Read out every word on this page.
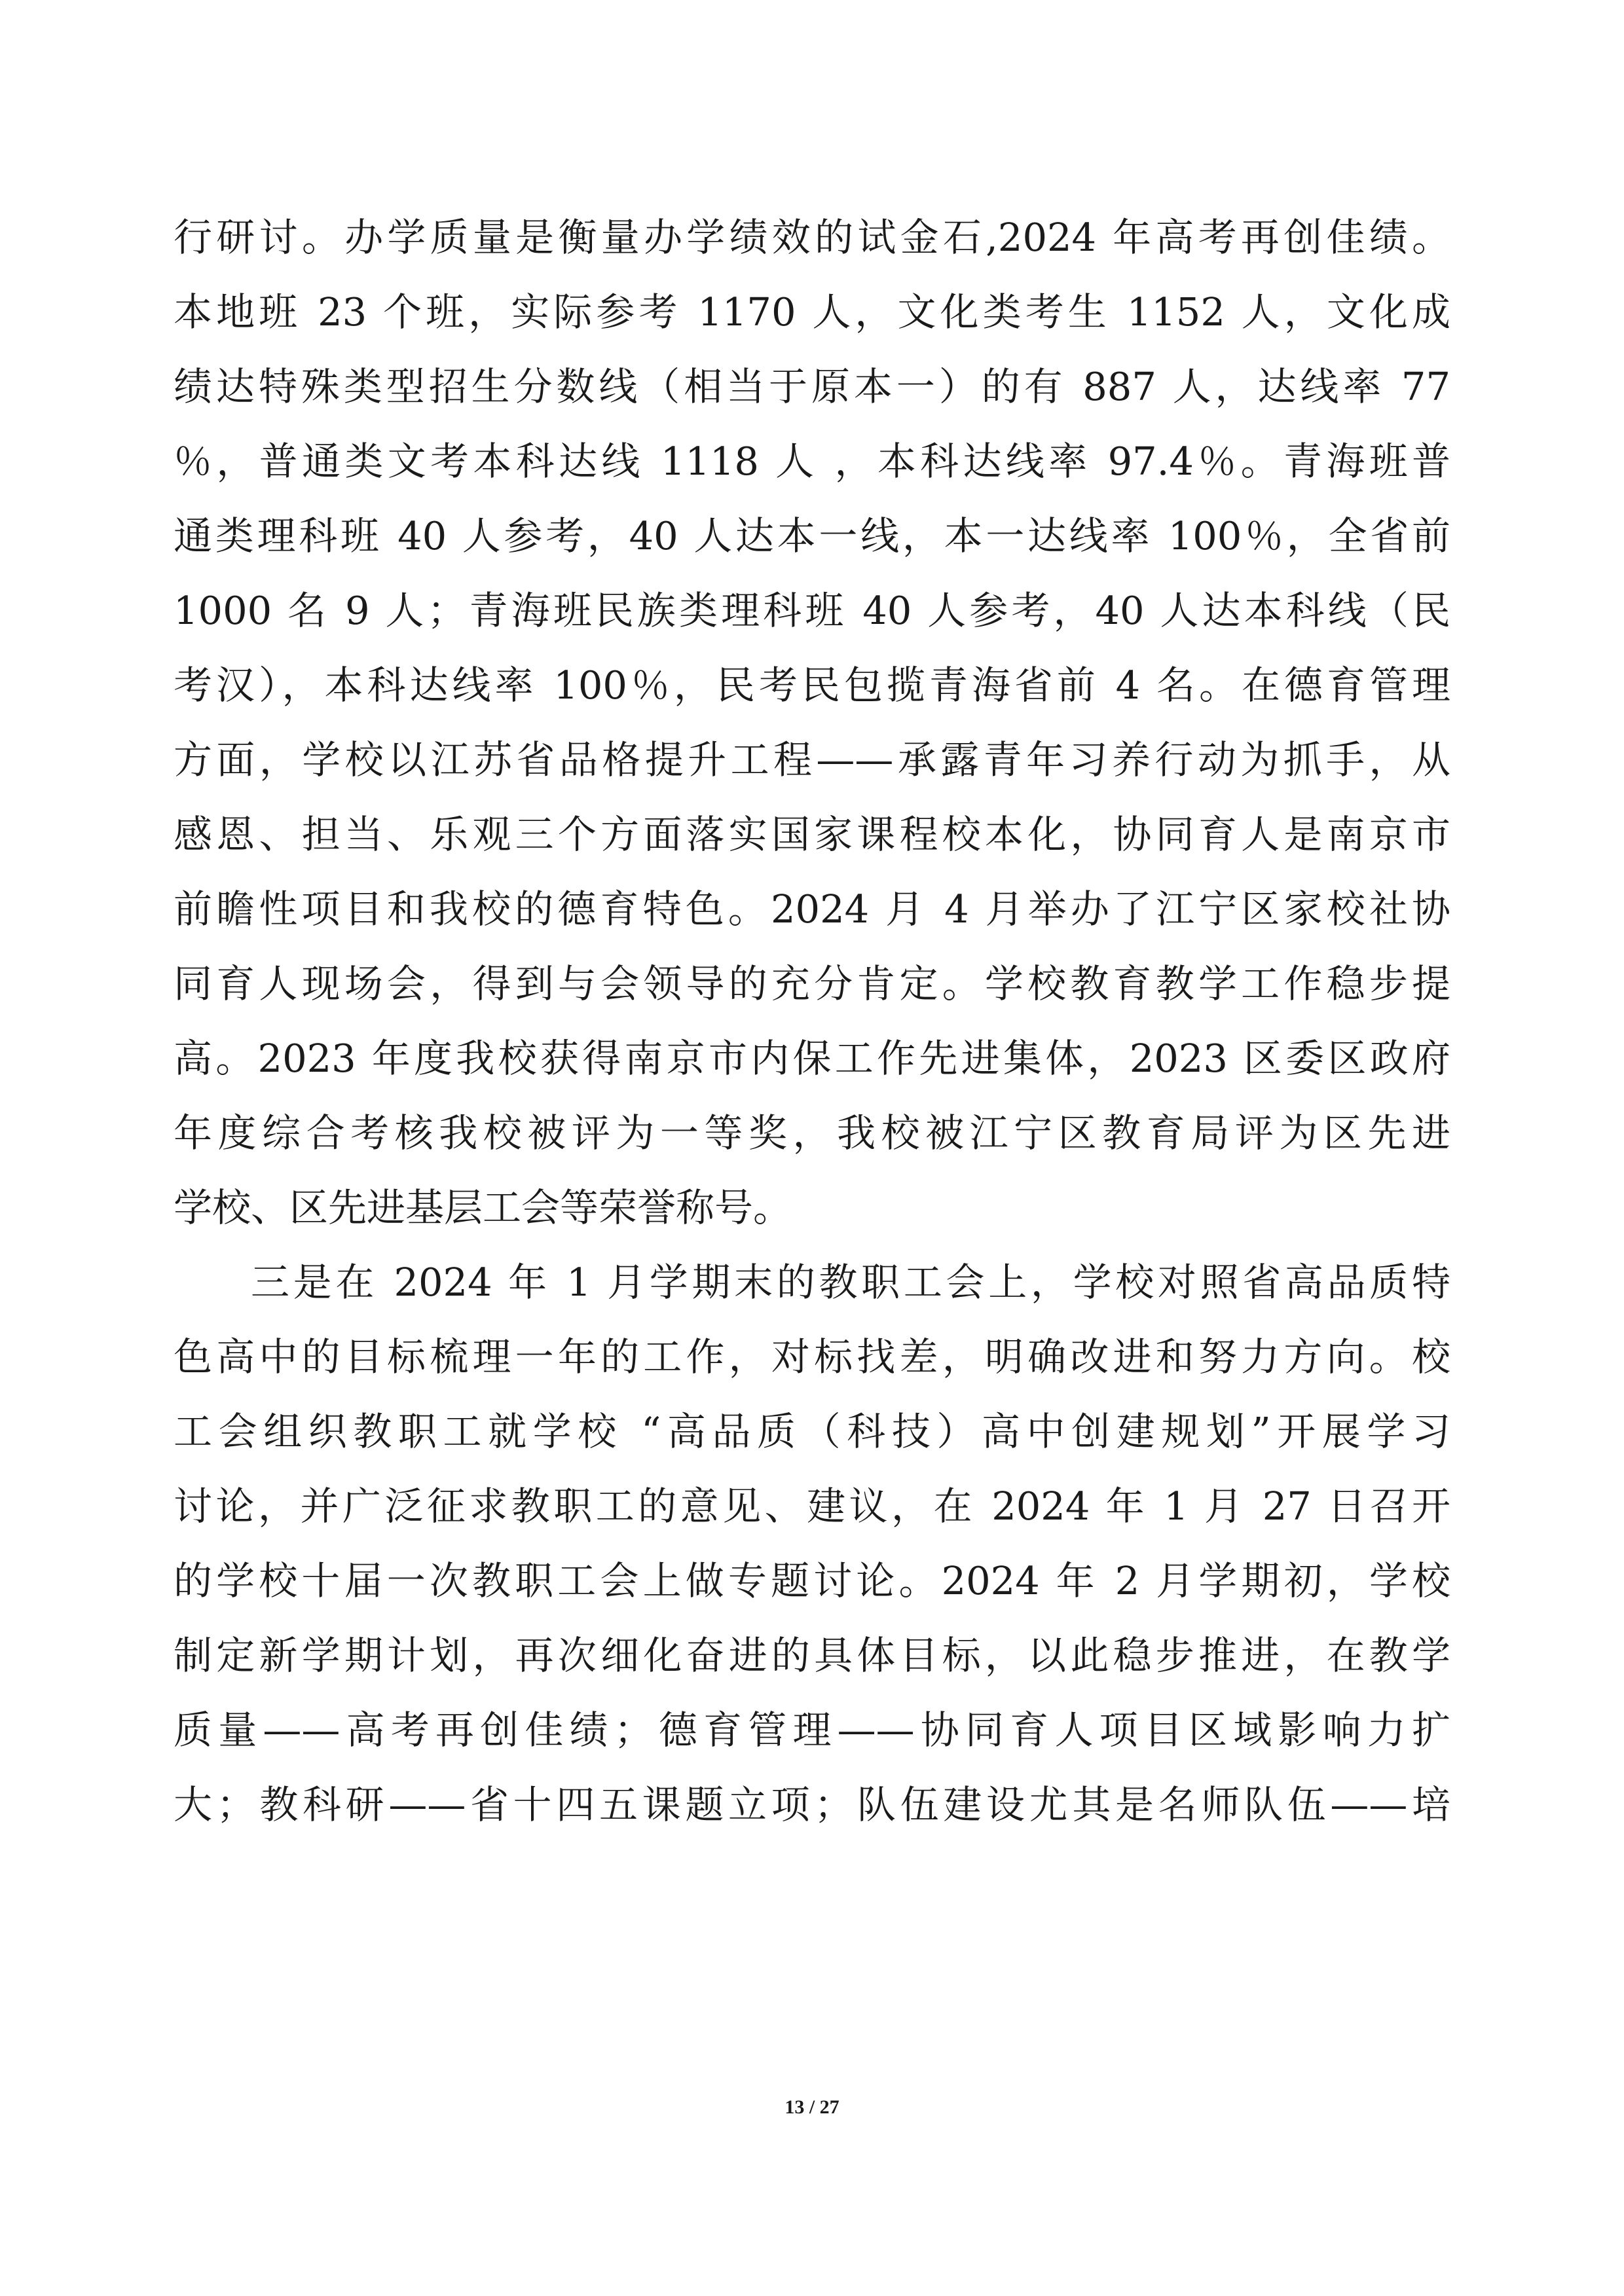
行研讨。办学质量是衡量办学绩效的试金石,2024 年高考再创佳绩。
本地班 23 个班，实际参考 1170 人，文化类考生 1152 人，文化成
绩达特殊类型招生分数线（相当于原本一）的有 887 人，达线率 77
％，普通类文考本科达线 1118 人 ，本科达线率 97.4％。青海班普
通类理科班 40 人参考，40 人达本一线，本一达线率 100％，全省前
1000 名 9 人；青海班民族类理科班 40 人参考，40 人达本科线（民
考汉），本科达线率 100％，民考民包揽青海省前 4 名。在德育管理
方面，学校以江苏省品格提升工程——承露青年习养行动为抓手，从
感恩、担当、乐观三个方面落实国家课程校本化，协同育人是南京市
前瞻性项目和我校的德育特色。2024 月 4 月举办了江宁区家校社协
同育人现场会，得到与会领导的充分肯定。学校教育教学工作稳步提
高。2023 年度我校获得南京市内保工作先进集体，2023 区委区政府
年度综合考核我校被评为一等奖，我校被江宁区教育局评为区先进
学校、区先进基层工会等荣誉称号。
三是在 2024 年 1 月学期末的教职工会上，学校对照省高品质特
色高中的目标梳理一年的工作，对标找差，明确改进和努力方向。校
工会组织教职工就学校 “高品质（科技）高中创建规划”开展学习
讨论，并广泛征求教职工的意见、建议，在 2024 年 1 月 27 日召开
的学校十届一次教职工会上做专题讨论。2024 年 2 月学期初，学校
制定新学期计划，再次细化奋进的具体目标，以此稳步推进，在教学
质量——高考再创佳绩；德育管理——协同育人项目区域影响力扩
大；教科研——省十四五课题立项；队伍建设尤其是名师队伍——培
13 / 27
